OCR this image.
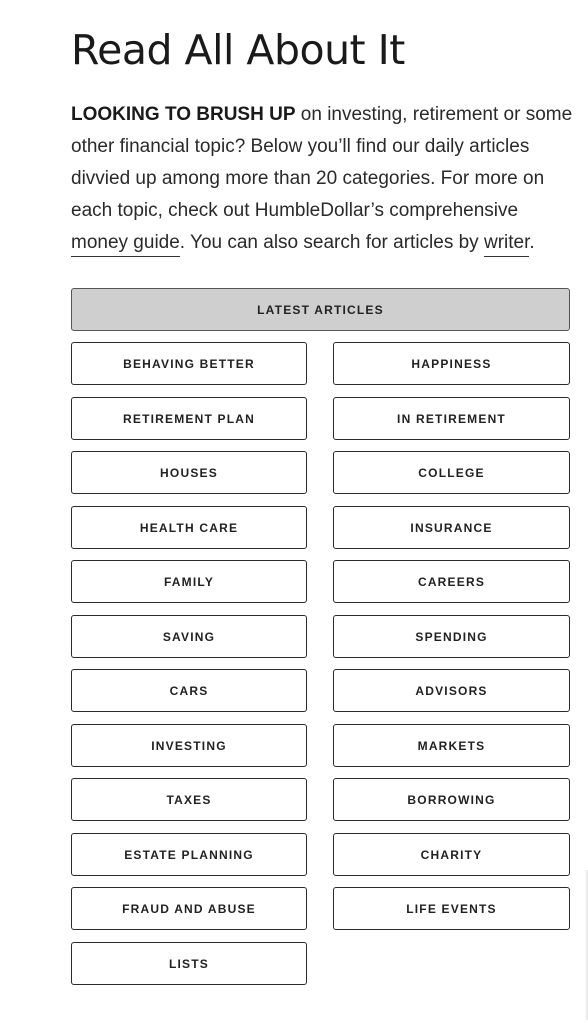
Read All About It
LOOKING TO BRUSH UP on investing, retirement or some
other financial topic? Below you’ll find our daily articles
divvied up among more than 20 categories. For more on
each topic, check out HumbleDollar’s comprehensive
money guide. You can also search for articles by writer.
LATEST ARTICLES
BEHAVING BETTER	HAPPINESS
RETIREMENT PLAN	IN RETIREMENT
HOUSES	COLLEGE
HEALTH CARE	INSURANCE
FAMILY	CAREERS
SAVING	SPENDING
CARS	ADVISORS
INVESTING	MARKETS
TAXES	BORROWING
ESTATE PLANNING	CHARITY
FRAUD AND ABUSE	LIFE EVENTS
LISTS
